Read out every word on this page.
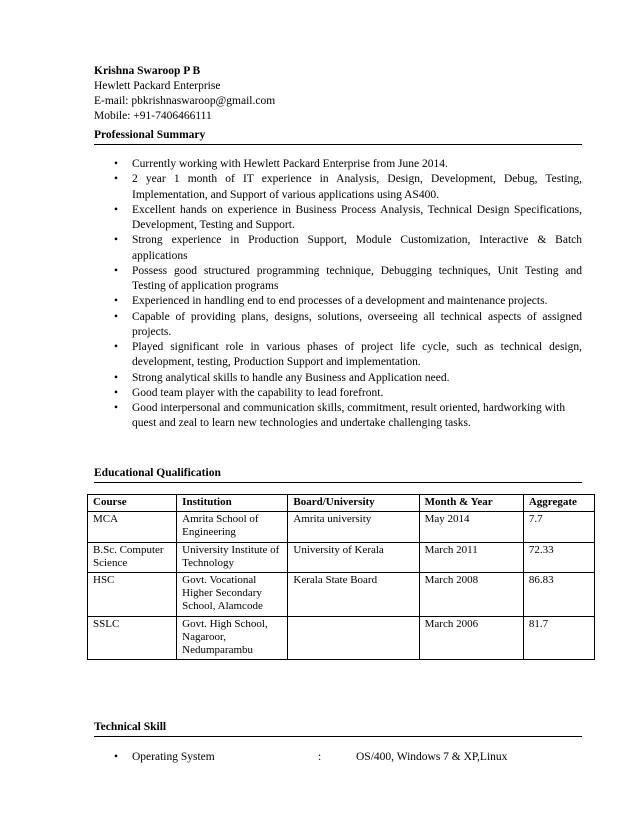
Krishna Swaroop P B
Hewlett Packard Enterprise
E-mail: pbkrishnaswaroop@gmail.com
Mobile: +91-7406466111
Professional Summary
• Currently working with Hewlett Packard Enterprise from June 2014.
• 2 year 1 month of IT experience in Analysis, Design, Development, Debug, Testing, Implementation, and Support of various applications using AS400.
• Excellent hands on experience in Business Process Analysis, Technical Design Specifications, Development, Testing and Support.
• Strong experience in Production Support, Module Customization, Interactive & Batch applications
• Possess good structured programming technique, Debugging techniques, Unit Testing and Testing of application programs
• Experienced in handling end to end processes of a development and maintenance projects.
• Capable of providing plans, designs, solutions, overseeing all technical aspects of assigned projects.
• Played significant role in various phases of project life cycle, such as technical design, development, testing, Production Support and implementation.
• Strong analytical skills to handle any Business and Application need.
• Good team player with the capability to lead forefront.
• Good interpersonal and communication skills, commitment, result oriented, hardworking with quest and zeal to learn new technologies and undertake challenging tasks.
Educational Qualification
Course	Institution	Board/University	Month & Year	Aggregate
MCA	Amrita School of Engineering	Amrita university	May 2014	7.7
B.Sc. Computer Science	University Institute of Technology	University of Kerala	March 2011	72.33
HSC	Govt. Vocational Higher Secondary School, Alamcode	Kerala State Board	March 2008	86.83
SSLC	Govt. High School, Nagaroor, Nedumparambu		March 2006	81.7
Technical Skill
• Operating System	:	OS/400, Windows 7 & XP,Linux
